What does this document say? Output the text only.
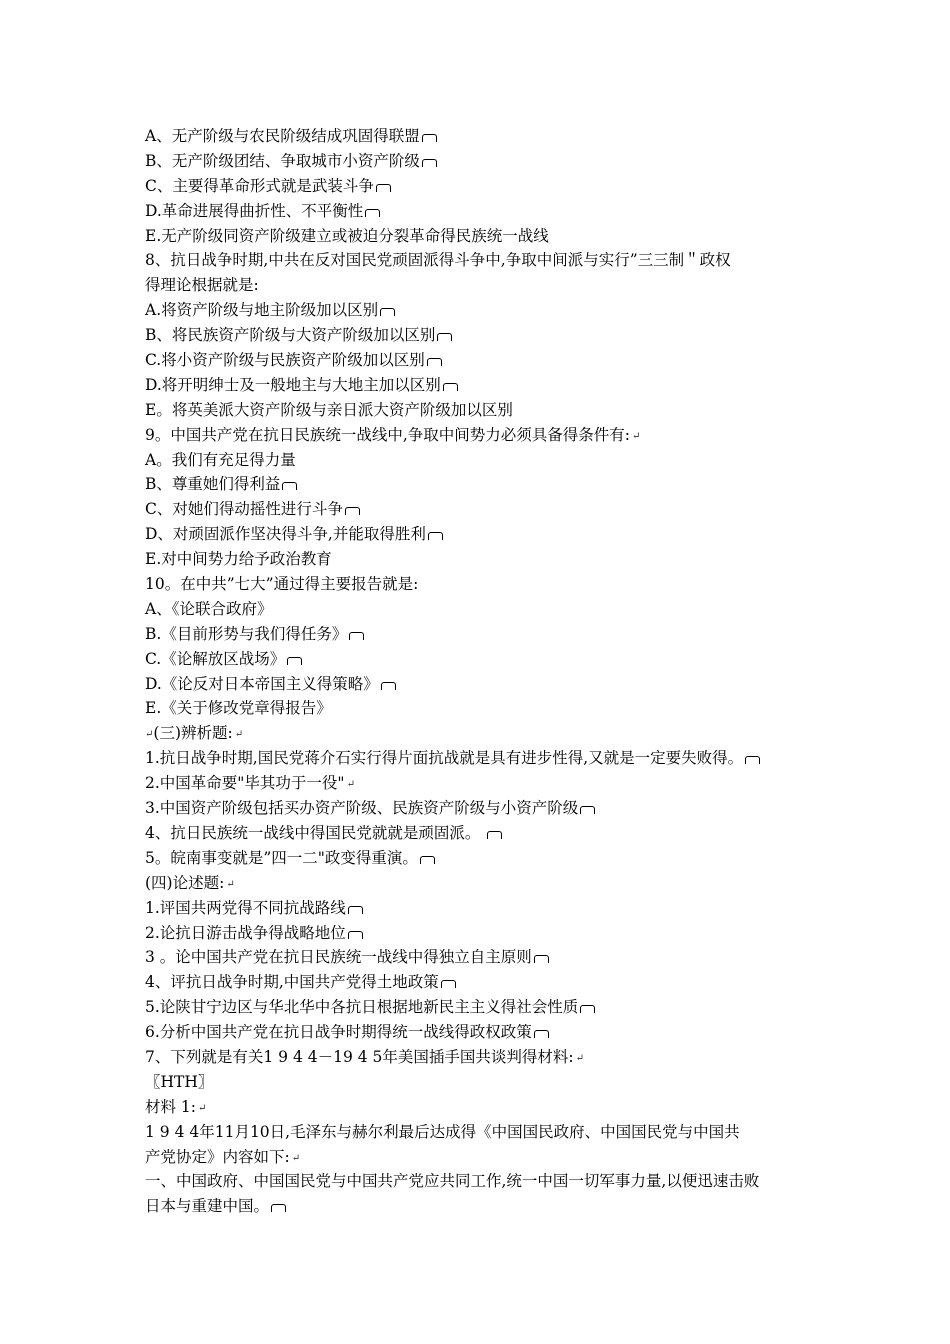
A、无产阶级与农民阶级结成巩固得联盟
B、无产阶级团结、争取城市小资产阶级
C、主要得革命形式就是武装斗争
D.革命进展得曲折性、不平衡性
E.无产阶级同资产阶级建立或被迫分裂革命得民族统一战线
8、抗日战争时期,中共在反对国民党顽固派得斗争中,争取中间派与实行”三三制＂政权
得理论根据就是:
A.将资产阶级与地主阶级加以区别
B、将民族资产阶级与大资产阶级加以区别
C.将小资产阶级与民族资产阶级加以区别
D.将开明绅士及一般地主与大地主加以区别
E。将英美派大资产阶级与亲日派大资产阶级加以区别
9。中国共产党在抗日民族统一战线中,争取中间势力必须具备得条件有: ↵
A。我们有充足得力量
B、尊重她们得利益
C、对她们得动摇性进行斗争
D、对顽固派作坚决得斗争,并能取得胜利
E.对中间势力给予政治教育
10。在中共”七大”通过得主要报告就是:
A、《论联合政府》
B.《目前形势与我们得任务》
C.《论解放区战场》
D.《论反对日本帝国主义得策略》
E.《关于修改党章得报告》
↵(三)辨析题: ↵
1.抗日战争时期,国民党蒋介石实行得片面抗战就是具有进步性得,又就是一定要失败得。
2.中国革命要"毕其功于一役" ↵
3.中国资产阶级包括买办资产阶级、民族资产阶级与小资产阶级
4、抗日民族统一战线中得国民党就就是顽固派。
5。皖南事变就是”四一二"政变得重演。
(四)论述题: ↵
1.评国共两党得不同抗战路线
2.论抗日游击战争得战略地位
3 。论中国共产党在抗日民族统一战线中得独立自主原则
4、评抗日战争时期,中国共产党得土地政策
5.论陕甘宁边区与华北华中各抗日根据地新民主主义得社会性质
6.分析中国共产党在抗日战争时期得统一战线得政权政策
7、下列就是有关1 9 4 4－19 4 5年美国插手国共谈判得材料: ↵
〖HTH〗
材料 1: ↵
1 9 4 4年11月10日,毛泽东与赫尔利最后达成得《中国国民政府、中国国民党与中国共
产党协定》内容如下: ↵
一、中国政府、中国国民党与中国共产党应共同工作,统一中国一切军事力量,以便迅速击败
日本与重建中国。
